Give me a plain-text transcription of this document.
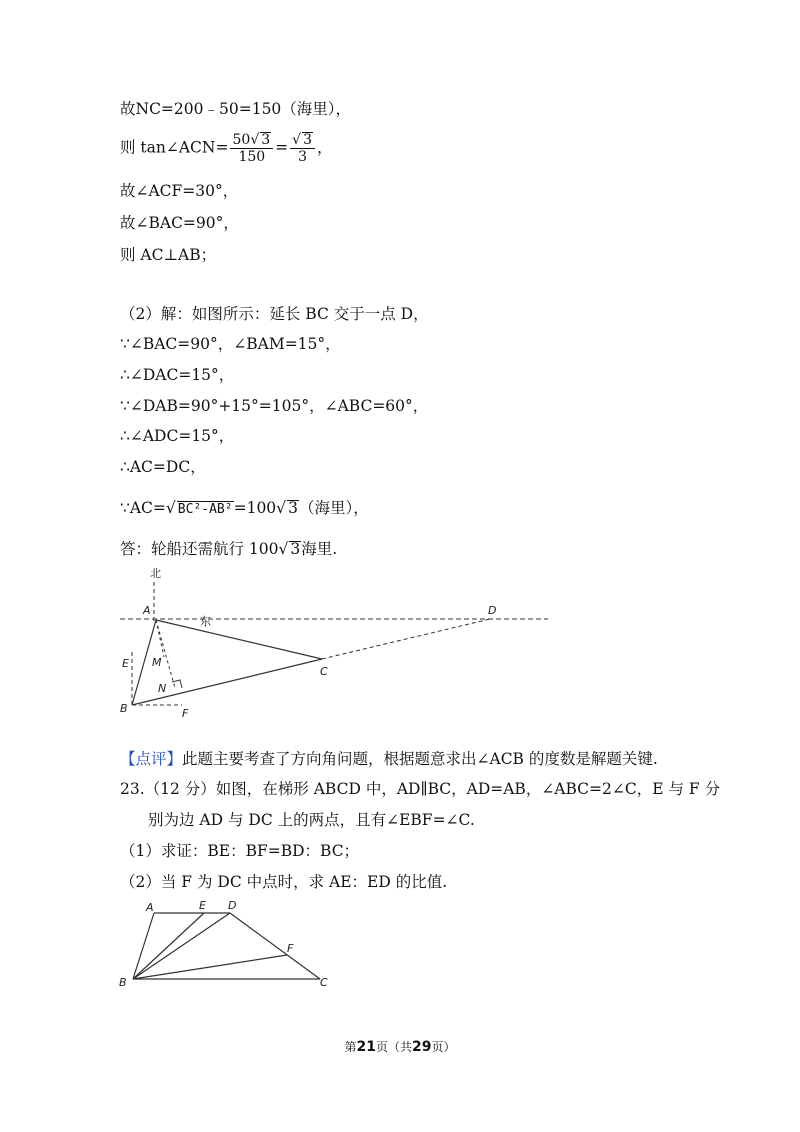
故NC=200﹣50=150（海里），
则 tan∠ACN= $\frac{50√ 3}{150} = \frac{√ 3}{3}$ ，
故∠ACF=30°，
故∠BAC=90°，
则 AC⊥AB；
（2）解：如图所示：延长 BC 交于一点 D，
∵∠BAC=90°，∠BAM=15°，
∴∠DAC=15°，
∵∠DAB=90°+15°=105°，∠ABC=60°，
∴∠ADC=15°，
∴AC=DC，
∵AC=√ BC²-AB²=100√ 3（海里），
答：轮船还需航行 100√ 3海里.
北
A
东
D
C
E M
N
B	F
【点评】此题主要考查了方向角问题，根据题意求出∠ACB 的度数是解题关键.
23.（12 分）如图，在梯形 ABCD 中，AD∥BC，AD=AB，∠ABC=2∠C，E 与 F 分
别为边 AD 与 DC 上的两点，且有∠EBF=∠C.
（1）求证：BE：BF=BD：BC；
（2）当 F 为 DC 中点时，求 AE：ED 的比值.
A	E D
F
B	C
第21页（共29页）
